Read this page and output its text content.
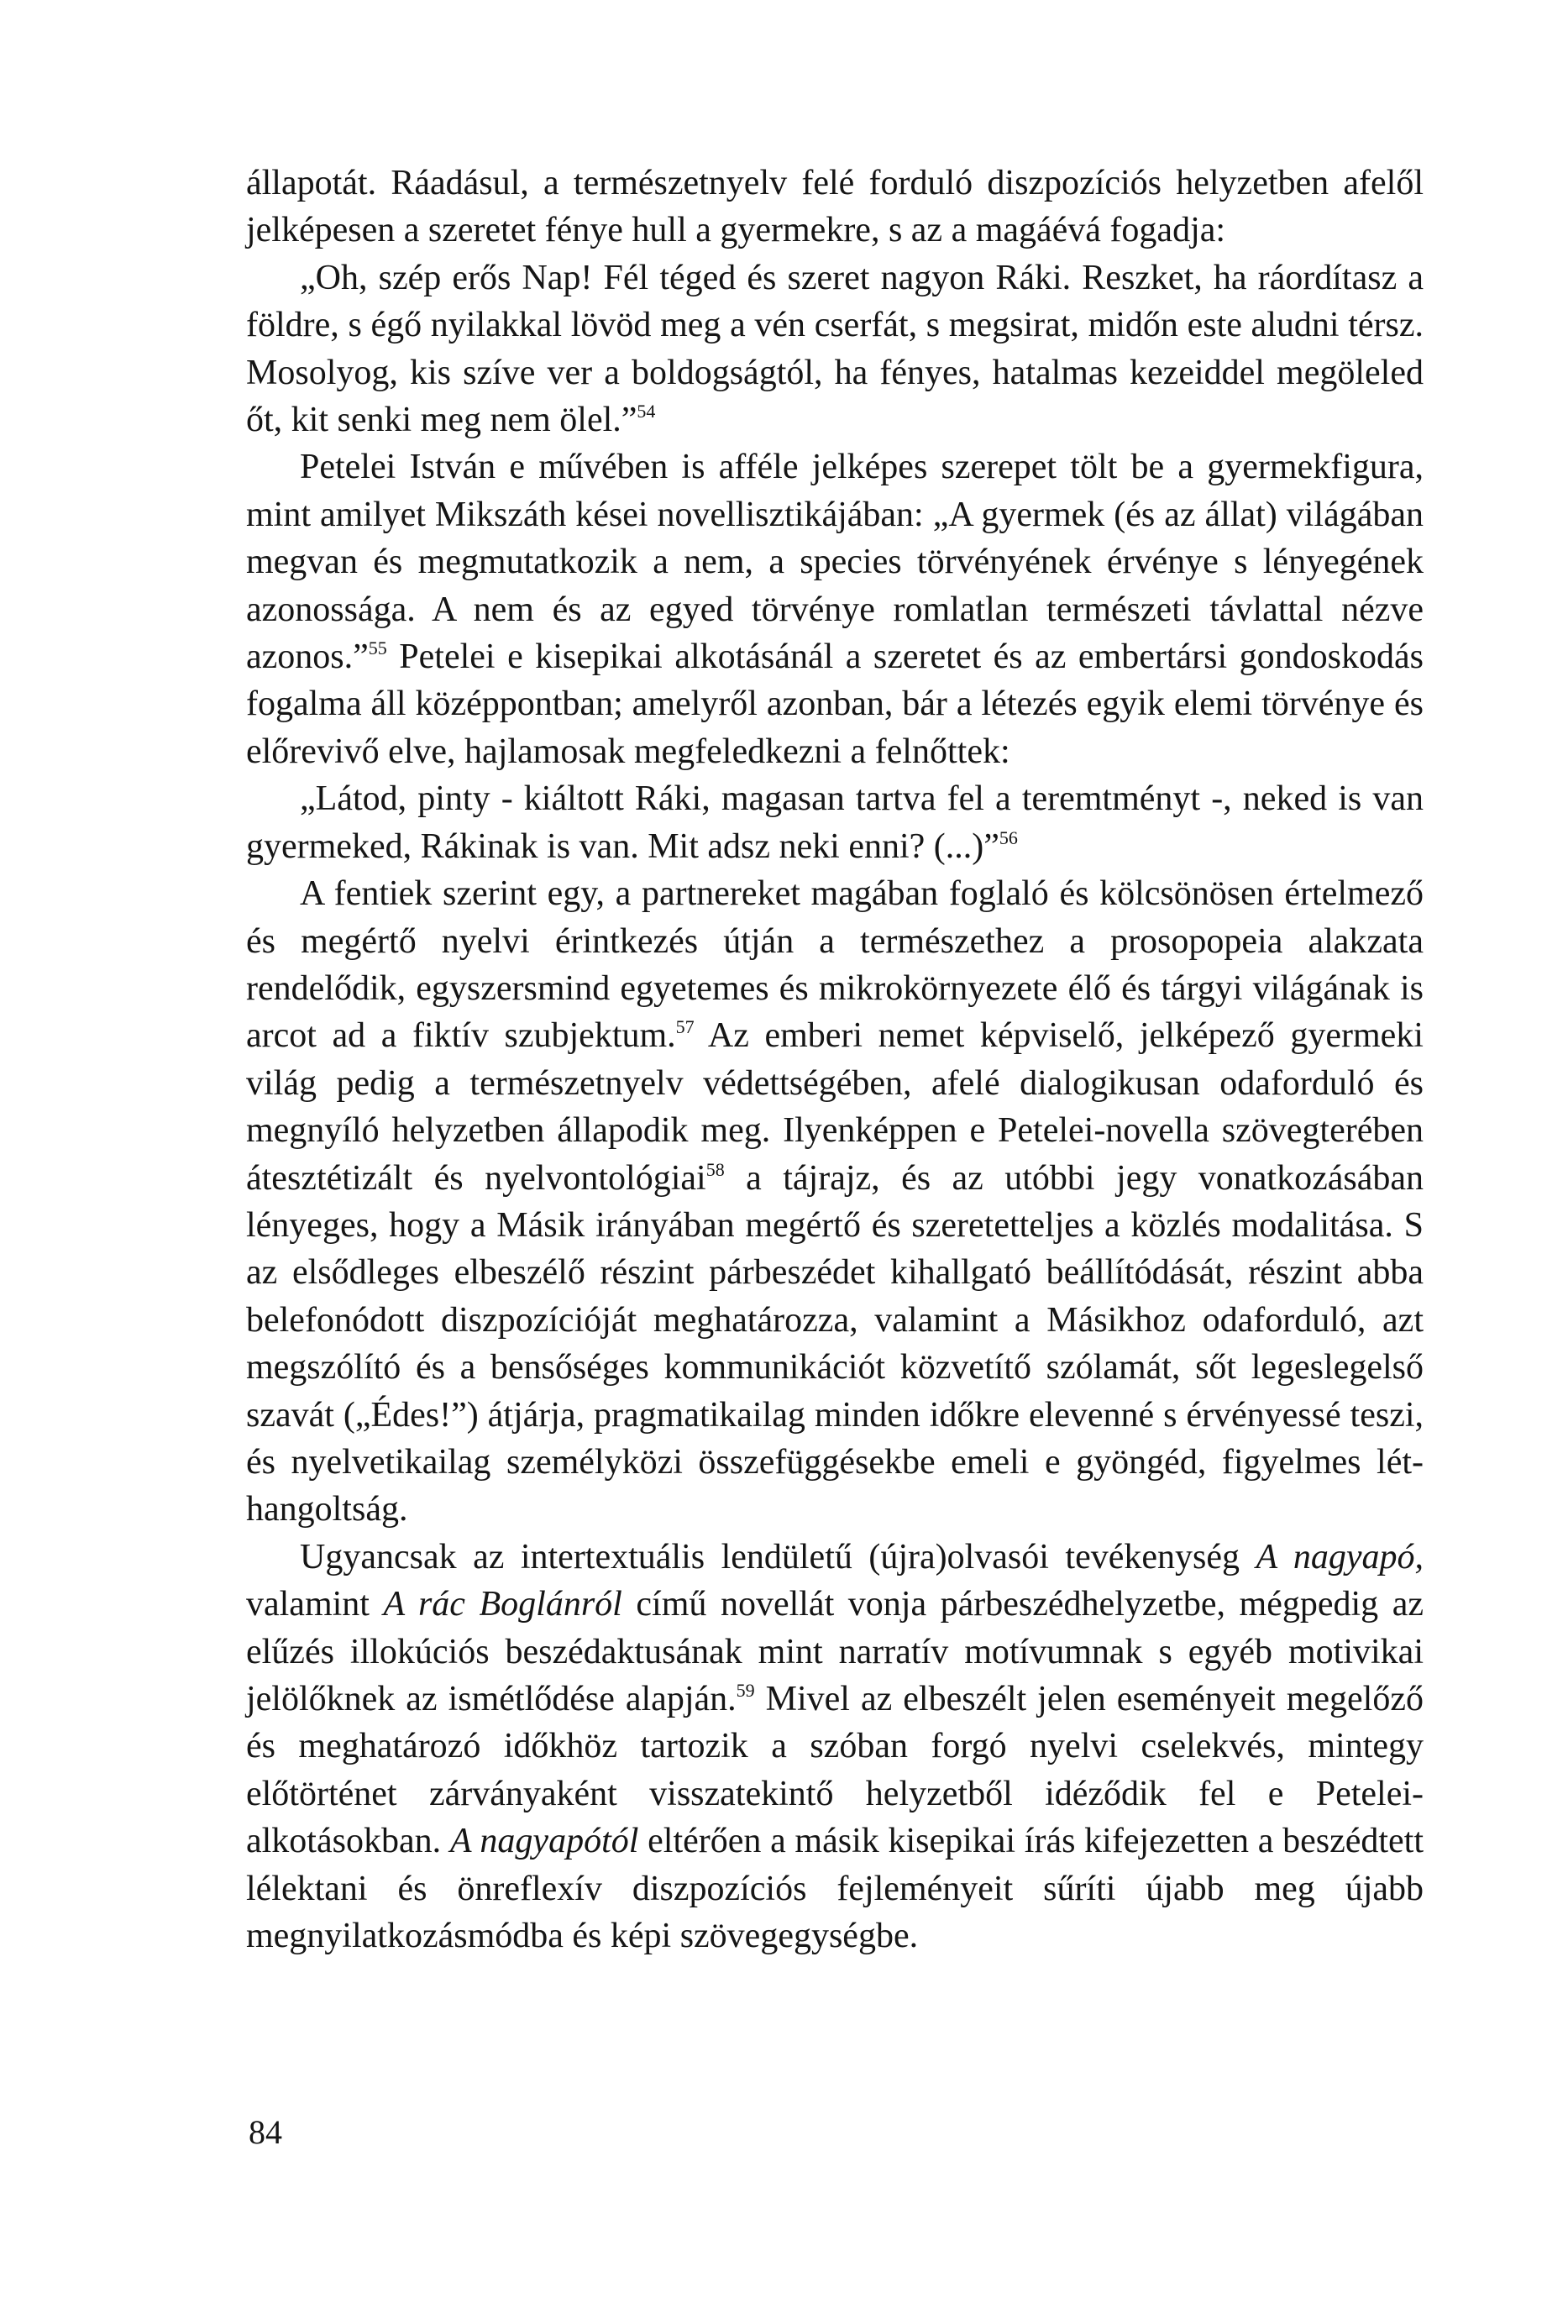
állapotát. Ráadásul, a természetnyelv felé forduló diszpozíciós helyzetben afelől jelképesen a szeretet fénye hull a gyermekre, s az a magáévá fogadja:

„Oh, szép erős Nap! Fél téged és szeret nagyon Ráki. Reszket, ha ráordítasz a földre, s égő nyilakkal lövöd meg a vén cserfát, s megsirat, midőn este aludni térsz. Mosolyog, kis szíve ver a boldogságtól, ha fényes, hatalmas kezeiddel megöleled őt, kit senki meg nem ölel.”$^{54}$

Petelei István e művében is afféle jelképes szerepet tölt be a gyermekfigura, mint amilyet Mikszáth kései novellisztikájában: „A gyermek (és az állat) világában megvan és megmutatkozik a nem, a species törvényének érvénye s lényegének azonossága. A nem és az egyed törvénye romlatlan természeti távlattal nézve azonos.”$^{55}$ Petelei e kisepikai alkotásánál a szeretet és az embertársi gondoskodás fogalma áll középpontban; amelyről azonban, bár a létezés egyik elemi törvénye és előrevivő elve, hajlamosak megfeledkezni a felnőttek:

„Látod, pinty - kiáltott Ráki, magasan tartva fel a teremtményt -, neked is van gyermeked, Rákinak is van. Mit adsz neki enni? (...)”$^{56}$

A fentiek szerint egy, a partnereket magában foglaló és kölcsönösen értelmező és megértő nyelvi érintkezés útján a természethez a prosopopeia alakzata rendelődik, egyszersmind egyetemes és mikrokörnyezete élő és tárgyi világának is arcot ad a fiktív szubjektum.$^{57}$ Az emberi nemet képviselő, jelképező gyermeki világ pedig a természetnyelv védettségében, afelé dialogikusan odaforduló és megnyíló helyzetben állapodik meg. Ilyenképpen e Petelei-novella szövegterében átesztétizált és nyelvontológiai$^{58}$ a tájrajz, és az utóbbi jegy vonatkozásában lényeges, hogy a Másik irányában megértő és szeretetteljes a közlés modalitása. S az elsődleges elbeszélő részint párbeszédet kihallgató beállítódását, részint abba belefonódott diszpozícióját meghatározza, valamint a Másikhoz odaforduló, azt megszólító és a bensőséges kommunikációt közvetítő szólamát, sőt legeslegelső szavát („Édes!”) átjárja, pragmatikailag minden időkre elevenné s érvényessé teszi, és nyelvetikailag személyközi összefüggésekbe emeli e gyöngéd, figyelmes lét-hangoltság.

Ugyancsak az intertextuális lendületű (újra)olvasói tevékenység A nagyapó, valamint A rác Boglánról című novellát vonja párbeszédhelyzetbe, mégpedig az elűzés illokúciós beszédaktusának mint narratív motívumnak s egyéb motivikai jelölőknek az ismétlődése alapján.$^{59}$ Mivel az elbeszélt jelen eseményeit megelőző és meghatározó időkhöz tartozik a szóban forgó nyelvi cselekvés, mintegy előtörténet zárványaként visszatekintő helyzetből idéződik fel e Petelei-alkotásokban. A nagyapótól eltérően a másik kisepikai írás kifejezetten a beszédtett lélektani és önreflexív diszpozíciós fejleményeit sűríti újabb meg újabb megnyilatkozásmódba és képi szövegegységbe.

84
